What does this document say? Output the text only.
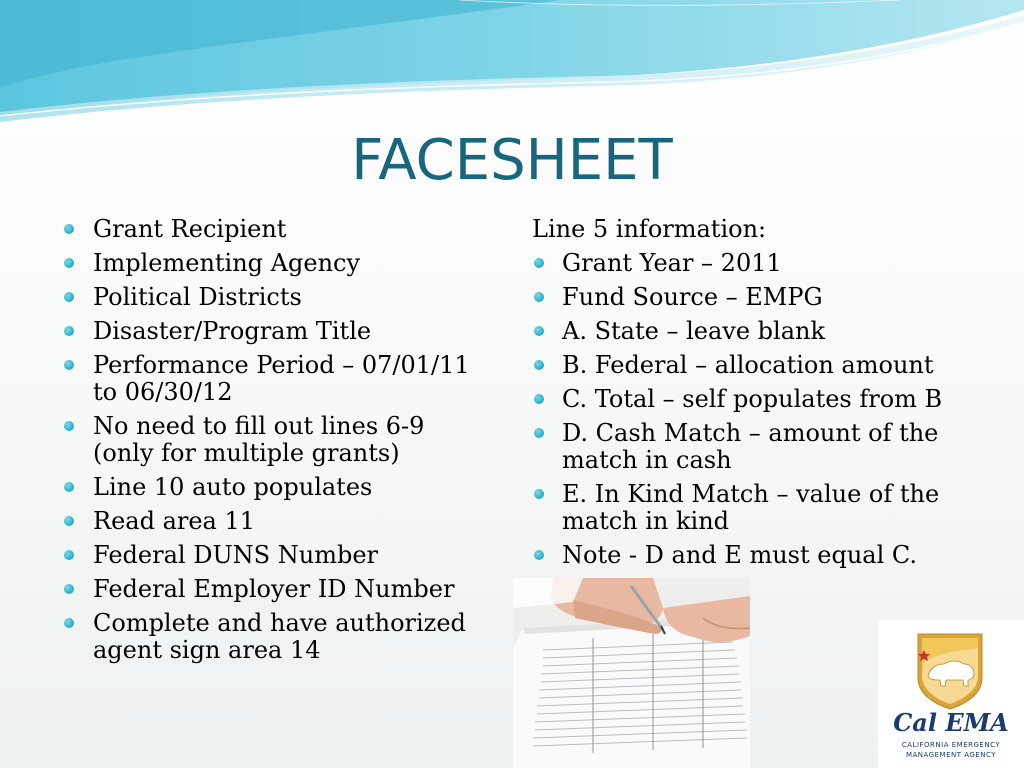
FACESHEET
Grant Recipient
Implementing Agency
Political Districts
Disaster/Program Title
Performance Period – 07/01/11 to 06/30/12
No need to fill out lines 6-9 (only for multiple grants)
Line 10 auto populates
Read area 11
Federal DUNS Number
Federal Employer ID Number
Complete and have authorized agent sign area 14
Line 5 information:
Grant Year – 2011
Fund Source – EMPG
A. State – leave blank
B. Federal – allocation amount
C. Total – self populates from B
D. Cash Match – amount of the match in cash
E. In Kind Match – value of the match in kind
Note - D and E must equal C.
Cal EMA
CALIFORNIA EMERGENCY
MANAGEMENT AGENCY
